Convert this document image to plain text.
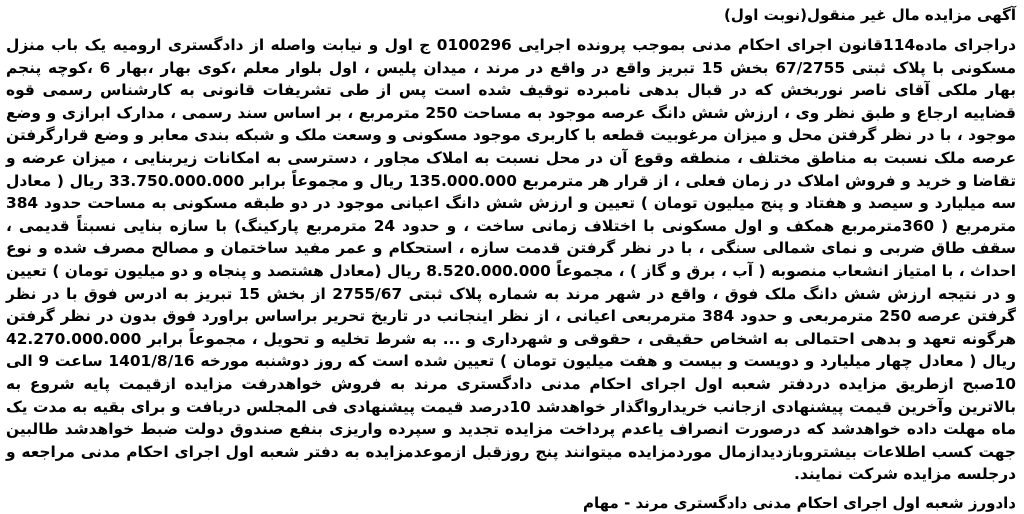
آگهی مزایده مال غیر منقول(نوبت اول)

دراجرای ماده114قانون اجرای احکام مدنی بموجب پرونده اجرایی 0100296 ج اول و نیابت واصله از دادگستری ارومیه یک باب منزل مسکونی با پلاک ثبتی 67/2755 بخش 15 تبریز واقع در واقع در مرند ، میدان پلیس ، اول بلوار معلم ،کوی بهار ،بهار 6 ،کوچه پنجم بهار ملکی آقای ناصر نوربخش که در قبال بدهی نامبرده توقیف شده است پس از طی تشریفات قانونی به کارشناس رسمی قوه قضاییه ارجاع و طبق نظر وی ، ارزش شش دانگ عرصه موجود به مساحت 250 مترمربع ، بر اساس سند رسمی ، مدارک ابرازی و وضع موجود ، با در نظر گرفتن محل و میزان مرغوبیت قطعه با کاربری موجود مسکونی و وسعت ملک و شبکه بندی معابر و وضع قرارگرفتن عرصه ملک نسبت به مناطق مختلف ، منطقه وقوع آن در محل نسبت به املاک مجاور ، دسترسی به امکانات زیربنایی ، میزان عرضه و تقاضا و خرید و فروش املاک در زمان فعلی ، از قرار هر مترمربع 135.000.000 ریال و مجموعاً برابر 33.750.000.000 ریال ( معادل سه میلیارد و سیصد و هفتاد و پنج میلیون تومان ) تعیین و ارزش شش دانگ اعیانی موجود در دو طبقه مسکونی به مساحت حدود 384 مترمربع ( 360مترمربع همکف و اول مسکونی با اختلاف زمانی ساخت ، و حدود 24 مترمربع پارکینگ) با سازه بنایی نسبتاً قدیمی ، سقف طاق ضربی و نمای شمالی سنگی ، با در نظر گرفتن قدمت سازه ، استحکام و عمر مفید ساختمان و مصالح مصرف شده و نوع احداث ، با امتیاز انشعاب منصوبه ( آب ، برق و گاز ) ، مجموعاً 8.520.000.000 ریال (معادل هشتصد و پنجاه و دو میلیون تومان ) تعیین و در نتیجه ارزش شش دانگ ملک فوق ، واقع در شهر مرند به شماره پلاک ثبتی 2755/67 از بخش 15 تبریز به ادرس فوق با در نظر گرفتن عرصه 250 مترمربعی و حدود 384 مترمربعی اعیانی ، از نظر اینجانب در تاریخ تحریر براساس براورد فوق بدون در نظر گرفتن هرگونه تعهد و بدهی احتمالی به اشخاص حقیقی ، حقوقی و شهرداری و ... به شرط تخلیه و تحویل ، مجموعاً برابر 42.270.000.000 ریال ( معادل چهار میلیارد و دویست و بیست و هفت میلیون تومان ) تعیین شده است که روز دوشنبه مورخه 1401/8/16 ساعت 9 الی 10صبح ازطریق مزایده دردفتر شعبه اول اجرای احکام مدنی دادگستری مرند به فروش خواهدرفت مزایده ازقیمت پایه شروع به بالاترین وآخرین قیمت پیشنهادی ازجانب خریدارواگذار خواهدشد 10درصد قیمت پیشنهادی فی المجلس دریافت و برای بقیه به مدت یک ماه مهلت داده خواهدشد که درصورت انصراف یاعدم پرداخت مزایده تجدید و سپرده واریزی بنفع صندوق دولت ضبط خواهدشد طالبین جهت کسب اطلاعات بیشتروبازدیدازمال موردمزایده میتوانند پنج روزقبل ازموعدمزایده به دفتر شعبه اول اجرای احکام مدنی مراجعه و درجلسه مزایده شرکت نمایند.

دادورز شعبه اول اجرای احکام مدنی دادگستری مرند - مهام
